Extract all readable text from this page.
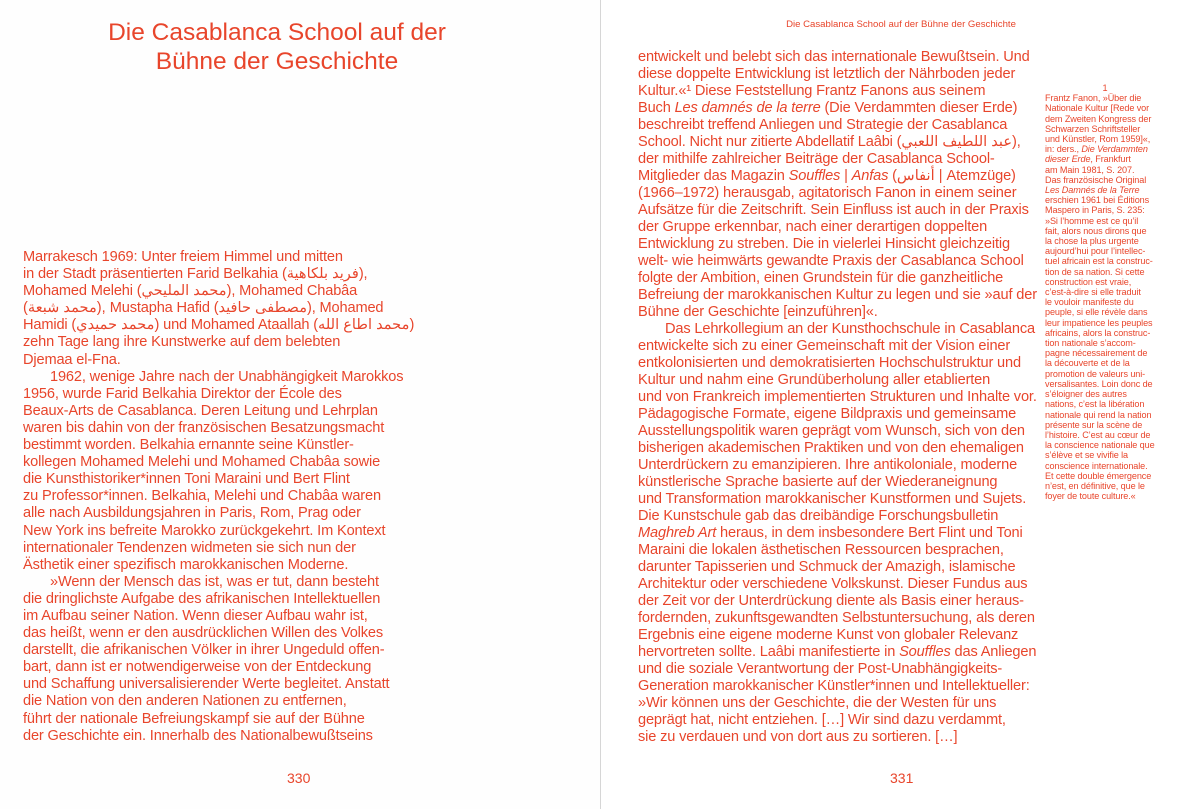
Die Casablanca School auf der
Bühne der Geschichte
Marrakesch 1969: Unter freiem Himmel und mitten
in der Stadt präsentierten Farid Belkahia (فريد بلكاهية),
Mohamed Melehi (محمد المليحي), Mohamed Chabâa
(محمد شبعة), Mustapha Hafid (مصطفى حافيد), Mohamed
Hamidi (محمد حميدي) und Mohamed Ataallah (محمد اطاع الله)
zehn Tage lang ihre Kunstwerke auf dem belebten
Djemaa el-Fna.
1962, wenige Jahre nach der Unabhängigkeit Marokkos
1956, wurde Farid Belkahia Direktor der École des
Beaux-Arts de Casablanca. Deren Leitung und Lehrplan
waren bis dahin von der französischen Besatzungsmacht
bestimmt worden. Belkahia ernannte seine Künstler-
kollegen Mohamed Melehi und Mohamed Chabâa sowie
die Kunsthistoriker*innen Toni Maraini und Bert Flint
zu Professor*innen. Belkahia, Melehi und Chabâa waren
alle nach Ausbildungsjahren in Paris, Rom, Prag oder
New York ins befreite Marokko zurückgekehrt. Im Kontext
internationaler Tendenzen widmeten sie sich nun der
Ästhetik einer spezifisch marokkanischen Moderne.
»Wenn der Mensch das ist, was er tut, dann besteht
die dringlichste Aufgabe des afrikanischen Intellektuellen
im Aufbau seiner Nation. Wenn dieser Aufbau wahr ist,
das heißt, wenn er den ausdrücklichen Willen des Volkes
darstellt, die afrikanischen Völker in ihrer Ungeduld offen-
bart, dann ist er notwendigerweise von der Entdeckung
und Schaffung universalisierender Werte begleitet. Anstatt
die Nation von den anderen Nationen zu entfernen,
führt der nationale Befreiungskampf sie auf der Bühne
der Geschichte ein. Innerhalb des Nationalbewußtseins
330
Die Casablanca School auf der Bühne der Geschichte
entwickelt und belebt sich das internationale Bewußtsein. Und
diese doppelte Entwicklung ist letztlich der Nährboden jeder
Kultur.«¹ Diese Feststellung Frantz Fanons aus seinem
Buch Les damnés de la terre (Die Verdammten dieser Erde)
beschreibt treffend Anliegen und Strategie der Casablanca
School. Nicht nur zitierte Abdellatif Laâbi (عبد اللطيف اللعبي),
der mithilfe zahlreicher Beiträge der Casablanca School-
Mitglieder das Magazin Souffles | Anfas (أنفاس | Atemzüge)
(1966–1972) herausgab, agitatorisch Fanon in einem seiner
Aufsätze für die Zeitschrift. Sein Einfluss ist auch in der Praxis
der Gruppe erkennbar, nach einer derartigen doppelten
Entwicklung zu streben. Die in vielerlei Hinsicht gleichzeitig
welt- wie heimwärts gewandte Praxis der Casablanca School
folgte der Ambition, einen Grundstein für die ganzheitliche
Befreiung der marokkanischen Kultur zu legen und sie »auf der
Bühne der Geschichte [einzuführen]«.
Das Lehrkollegium an der Kunsthochschule in Casablanca
entwickelte sich zu einer Gemeinschaft mit der Vision einer
entkolonisierten und demokratisierten Hochschulstruktur und
Kultur und nahm eine Grundüberholung aller etablierten
und von Frankreich implementierten Strukturen und Inhalte vor.
Pädagogische Formate, eigene Bildpraxis und gemeinsame
Ausstellungspolitik waren geprägt vom Wunsch, sich von den
bisherigen akademischen Praktiken und von den ehemaligen
Unterdrückern zu emanzipieren. Ihre antikoloniale, moderne
künstlerische Sprache basierte auf der Wiederaneignung
und Transformation marokkanischer Kunstformen und Sujets.
Die Kunstschule gab das dreibändige Forschungsbulletin
Maghreb Art heraus, in dem insbesondere Bert Flint und Toni
Maraini die lokalen ästhetischen Ressourcen besprachen,
darunter Tapisserien und Schmuck der Amazigh, islamische
Architektur oder verschiedene Volkskunst. Dieser Fundus aus
der Zeit vor der Unterdrückung diente als Basis einer heraus-
fordernden, zukunftsgewandten Selbstuntersuchung, als deren
Ergebnis eine eigene moderne Kunst von globaler Relevanz
hervortreten sollte. Laâbi manifestierte in Souffles das Anliegen
und die soziale Verantwortung der Post-Unabhängigkeits-
Generation marokkanischer Künstler*innen und Intellektueller:
»Wir können uns der Geschichte, die der Westen für uns
geprägt hat, nicht entziehen. […] Wir sind dazu verdammt,
sie zu verdauen und von dort aus zu sortieren. […]
1
Frantz Fanon, »Über die
Nationale Kultur [Rede vor
dem Zweiten Kongress der
Schwarzen Schriftsteller
und Künstler, Rom 1959]«,
in: ders., Die Verdammten
dieser Erde, Frankfurt
am Main 1981, S. 207.
Das französische Original
Les Damnés de la Terre
erschien 1961 bei Éditions
Maspero in Paris, S. 235:
»Si l’homme est ce qu’il
fait, alors nous dirons que
la chose la plus urgente
aujourd’hui pour l’intellec-
tuel africain est la construc-
tion de sa nation. Si cette
construction est vraie,
c’est-à-dire si elle traduit
le vouloir manifeste du
peuple, si elle révèle dans
leur impatience les peuples
africains, alors la construc-
tion nationale s’accom-
pagne nécessairement de
la découverte et de la
promotion de valeurs uni-
versalisantes. Loin donc de
s’éloigner des autres
nations, c’est la libération
nationale qui rend la nation
présente sur la scène de
l’histoire. C’est au cœur de
la conscience nationale que
s’élève et se vivifie la
conscience internationale.
Et cette double émergence
n’est, en définitive, que le
foyer de toute culture.«
331
